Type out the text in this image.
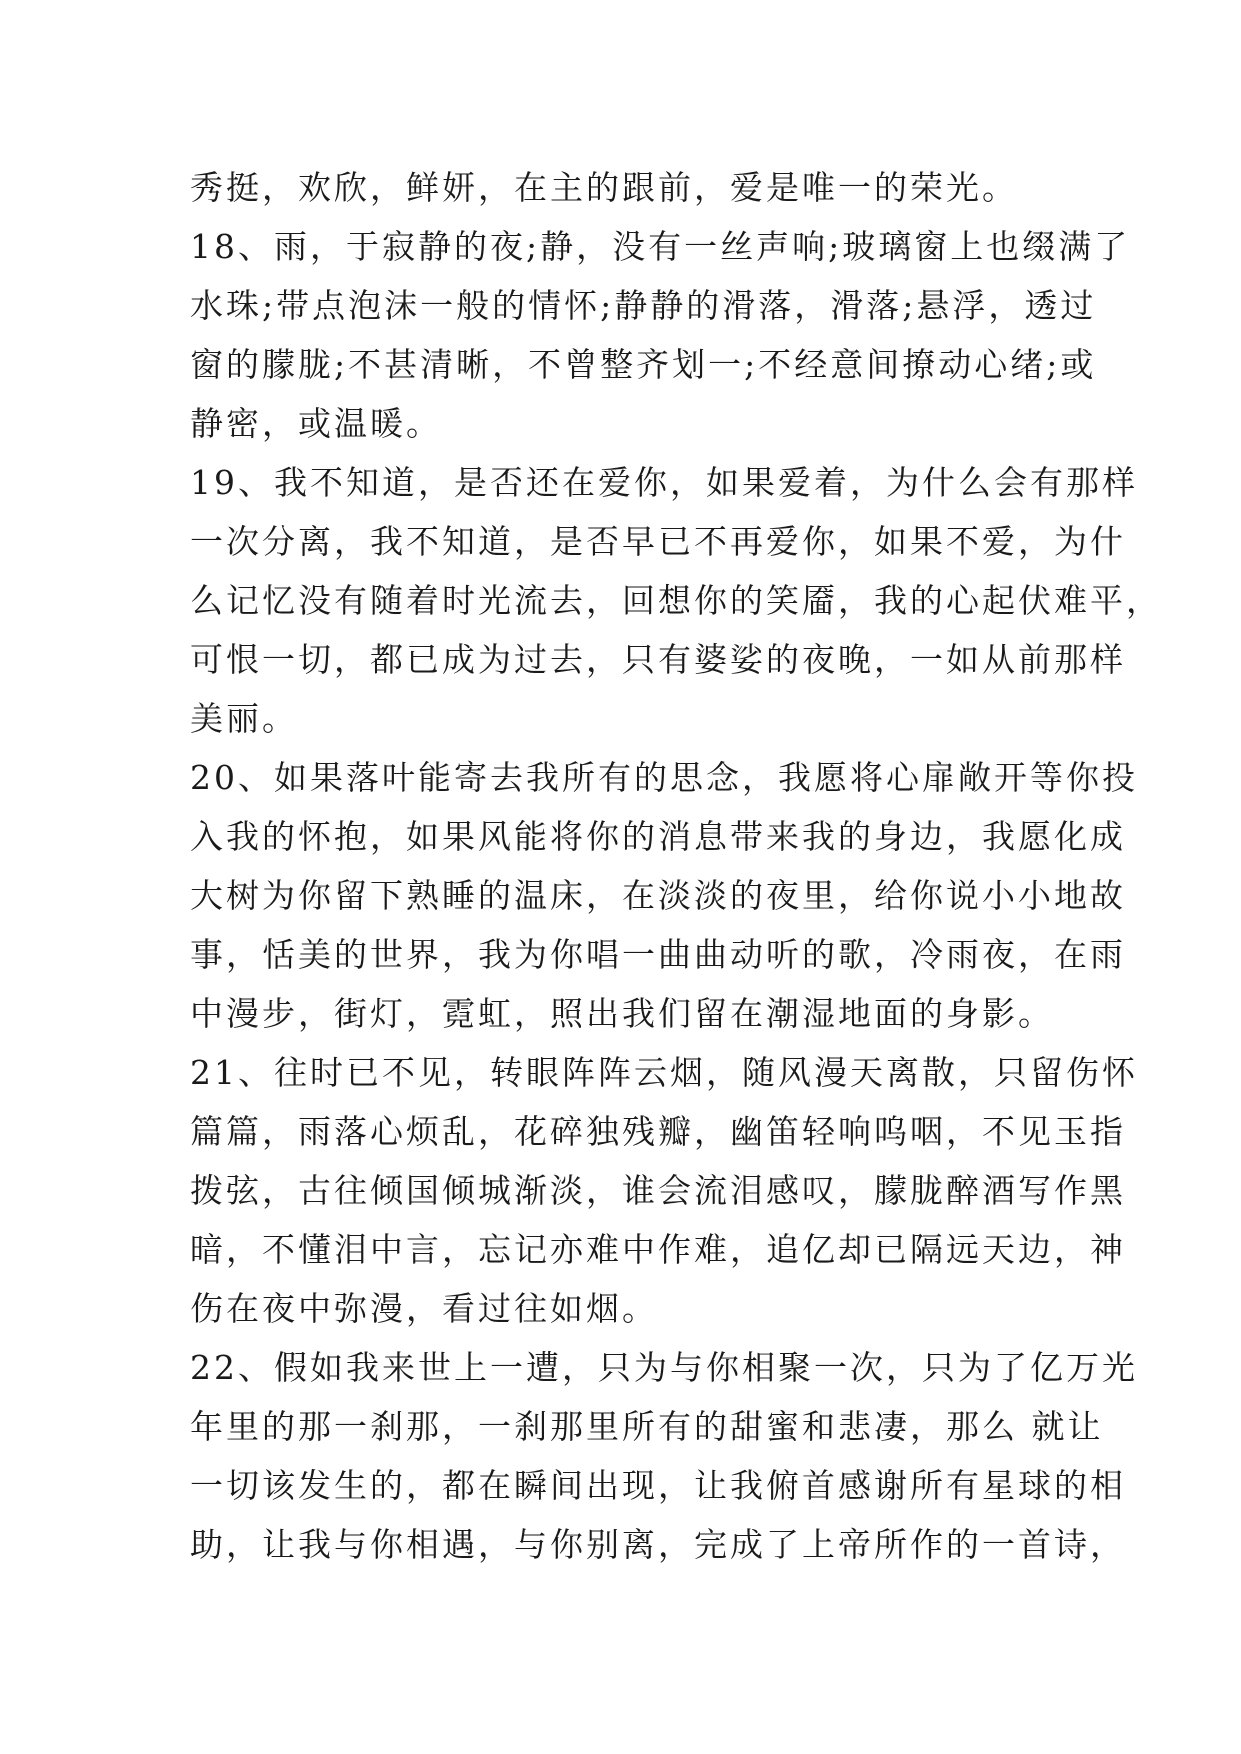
秀挺，欢欣，鲜妍，在主的跟前，爱是唯一的荣光。
18、雨，于寂静的夜;静，没有一丝声响;玻璃窗上也缀满了
水珠;带点泡沫一般的情怀;静静的滑落，滑落;悬浮，透过
窗的朦胧;不甚清晰，不曾整齐划一;不经意间撩动心绪;或
静密，或温暖。
19、我不知道，是否还在爱你，如果爱着，为什么会有那样
一次分离，我不知道，是否早已不再爱你，如果不爱，为什
么记忆没有随着时光流去，回想你的笑靥，我的心起伏难平，
可恨一切，都已成为过去，只有婆娑的夜晚，一如从前那样
美丽。
20、如果落叶能寄去我所有的思念，我愿将心扉敞开等你投
入我的怀抱，如果风能将你的消息带来我的身边，我愿化成
大树为你留下熟睡的温床，在淡淡的夜里，给你说小小地故
事，恬美的世界，我为你唱一曲曲动听的歌，冷雨夜，在雨
中漫步，街灯，霓虹，照出我们留在潮湿地面的身影。
21、往时已不见，转眼阵阵云烟，随风漫天离散，只留伤怀
篇篇，雨落心烦乱，花碎独残瓣，幽笛轻响呜咽，不见玉指
拨弦，古往倾国倾城渐淡，谁会流泪感叹，朦胧醉酒写作黑
暗，不懂泪中言，忘记亦难中作难，追亿却已隔远天边，神
伤在夜中弥漫，看过往如烟。
22、假如我来世上一遭，只为与你相聚一次，只为了亿万光
年里的那一刹那，一刹那里所有的甜蜜和悲凄，那么 就让
一切该发生的，都在瞬间出现，让我俯首感谢所有星球的相
助，让我与你相遇，与你别离，完成了上帝所作的一首诗，
